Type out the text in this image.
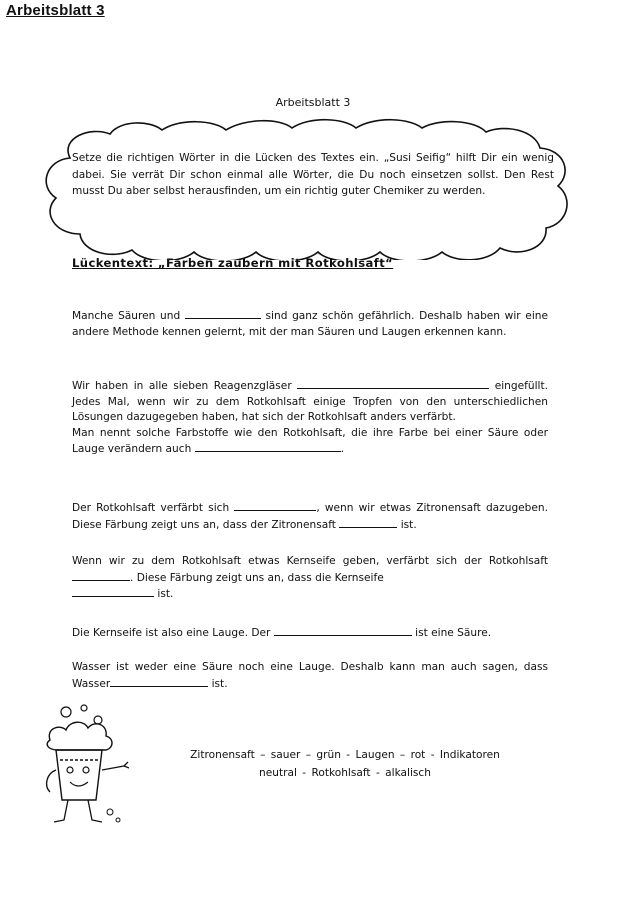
Arbeitsblatt 3
Arbeitsblatt 3
Setze die richtigen Wörter in die Lücken des Textes ein. „Susi Seifig“ hilft Dir ein wenig dabei. Sie verrät Dir schon einmal alle Wörter, die Du noch einsetzen sollst. Den Rest musst Du aber selbst herausfinden, um ein richtig guter Chemiker zu werden.
Lückentext: „Farben zaubern mit Rotkohlsaft“
Manche Säuren und	sind ganz schön gefährlich. Deshalb haben wir eine andere Methode kennen gelernt, mit der man Säuren und Laugen erkennen kann.
Wir haben in alle sieben Reagenzgläser	eingefüllt. Jedes Mal, wenn wir zu dem Rotkohlsaft einige Tropfen von den unterschiedlichen Lösungen dazugegeben haben, hat sich der Rotkohlsaft anders verfärbt.
Man nennt solche Farbstoffe wie den Rotkohlsaft, die ihre Farbe bei einer Säure oder Lauge verändern auch	.
Der Rotkohlsaft verfärbt sich	, wenn wir etwas Zitronensaft dazugeben. Diese Färbung zeigt uns an, dass der Zitronensaft	ist.
Wenn wir zu dem Rotkohlsaft etwas Kernseife geben, verfärbt sich der Rotkohlsaft . Diese Färbung zeigt uns an, dass die Kernseife
ist.
Die Kernseife ist also eine Lauge. Der	ist eine Säure.
Wasser ist weder eine Säure noch eine Lauge. Deshalb kann man auch sagen, dass Wasser	ist.
Zitronensaft – sauer – grün - Laugen – rot - Indikatoren
neutral - Rotkohlsaft - alkalisch
